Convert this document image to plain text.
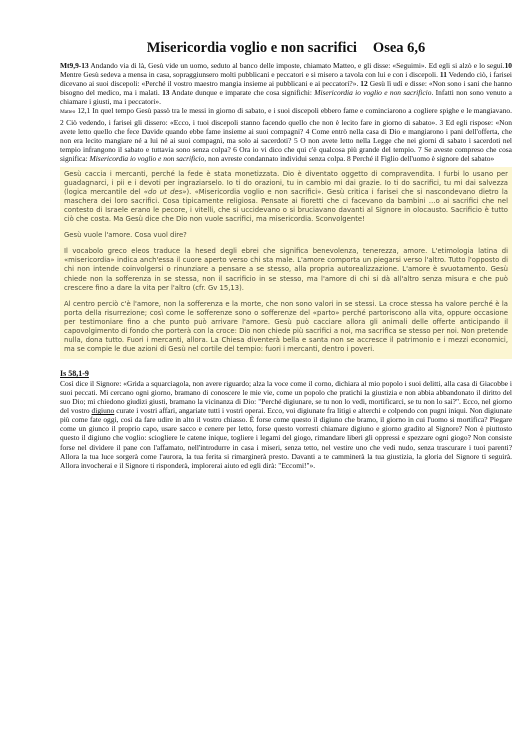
Misericordia voglio e non sacrifici Osea 6,6

Mt9,9-13 Andando via di là, Gesù vide un uomo, seduto al banco delle imposte, chiamato Matteo, e gli disse: «Seguimi». Ed egli si alzò e lo seguì.10 Mentre Gesù sedeva a mensa in casa, sopraggiunsero molti pubblicani e peccatori e si misero a tavola con lui e con i discepoli. 11 Vedendo ciò, i farisei dicevano ai suoi discepoli: «Perché il vostro maestro mangia insieme ai pubblicani e ai peccatori?». 12 Gesù lì udì e disse: «Non sono i sani che hanno bisogno del medico, ma i malati. 13 Andate dunque e imparate che cosa significhi: Misericordia io voglio e non sacrificio. Infatti non sono venuto a chiamare i giusti, ma i peccatori».

Matteo 12,1 In quel tempo Gesù passò tra le messi in giorno di sabato, e i suoi discepoli ebbero fame e cominciarono a cogliere spighe e le mangiavano. 2 Ciò vedendo, i farisei gli dissero: «Ecco, i tuoi discepoli stanno facendo quello che non è lecito fare in giorno di sabato». 3 Ed egli rispose: «Non avete letto quello che fece Davide quando ebbe fame insieme ai suoi compagni? 4 Come entrò nella casa di Dio e mangiarono i pani dell'offerta, che non era lecito mangiare né a lui né ai suoi compagni, ma solo ai sacerdoti? 5 O non avete letto nella Legge che nei giorni di sabato i sacerdoti nel tempio infrangono il sabato e tuttavia sono senza colpa? 6 Ora io vi dico che qui c'è qualcosa più grande del tempio. 7 Se aveste compreso che cosa significa: Misericordia io voglio e non sacrificio, non avreste condannato individui senza colpa. 8 Perché il Figlio dell'uomo è signore del sabato»

Gesù caccia i mercanti, perché la fede è stata monetizzata. Dio è diventato oggetto di compravendita. I furbi lo usano per guadagnarci, i pii e i devoti per ingraziarselo. Io ti do orazioni, tu in cambio mi dai grazie. Io ti do sacrifici, tu mi dai salvezza (logica mercantile del «do ut des»). «Misericordia voglio e non sacrifici». Gesù critica i farisei che si nascondevano dietro la maschera dei loro sacrifici. Cosa tipicamente religiosa. Pensate ai fioretti che ci facevano da bambini …o ai sacrifici che nel contesto di Israele erano le pecore, i vitelli, che si uccidevano o si bruciavano davanti al Signore in olocausto. Sacrificio è tutto ciò che costa. Ma Gesù dice che Dio non vuole sacrifici, ma misericordia. Sconvolgente!

Gesù vuole l'amore. Cosa vuol dire?

Il vocabolo greco eleos traduce la hesed degli ebrei che significa benevolenza, tenerezza, amore. L'etimologia latina di «misericordia» indica anch'essa il cuore aperto verso chi sta male. L'amore comporta un piegarsi verso l'altro. Tutto l'opposto di chi non intende coinvolgersi o rinunziare a pensare a se stesso, alla propria autorealizzazione. L'amore è svuotamento. Gesù chiede non la sofferenza in se stessa, non il sacrificio in se stesso, ma l'amore di chi si dà all'altro senza misura e che può crescere fino a dare la vita per l'altro (cfr. Gv 15,13).

Al centro perciò c'è l'amore, non la sofferenza e la morte, che non sono valori in se stessi. La croce stessa ha valore perché è la porta della risurrezione; così come le sofferenze sono o sofferenze del «parto» perché partoriscono alla vita, oppure occasione per testimoniare fino a che punto può arrivare l'amore. Gesù può cacciare allora gli animali delle offerte anticipando il capovolgimento di fondo che porterà con la croce: Dio non chiede più sacrifici a noi, ma sacrifica se stesso per noi. Non pretende nulla, dona tutto. Fuori i mercanti, allora. La Chiesa diventerà bella e santa non se accresce il patrimonio e i mezzi economici, ma se compie le due azioni di Gesù nel cortile del tempio: fuori i mercanti, dentro i poveri.

Is 58,1-9

Così dice il Signore: «Grida a squarciagola, non avere riguardo; alza la voce come il corno, dichiara al mio popolo i suoi delitti, alla casa di Giacobbe i suoi peccati. Mi cercano ogni giorno, bramano di conoscere le mie vie, come un popolo che pratichi la giustizia e non abbia abbandonato il diritto del suo Dio; mi chiedono giudizi giusti, bramano la vicinanza di Dio: "Perché digiunare, se tu non lo vedi, mortificarci, se tu non lo sai?". Ecco, nel giorno del vostro digiuno curate i vostri affari, angariate tutti i vostri operai. Ecco, voi digiunate fra litigi e alterchi e colpendo con pugni iniqui. Non digiunate più come fate oggi, così da fare udire in alto il vostro chiasso. È forse come questo il digiuno che bramo, il giorno in cui l'uomo si mortifica? Piegare come un giunco il proprio capo, usare sacco e cenere per letto, forse questo vorresti chiamare digiuno e giorno gradito al Signore? Non è piuttosto questo il digiuno che voglio: sciogliere le catene inique, togliere i legami del giogo, rimandare liberi gli oppressi e spezzare ogni giogo? Non consiste forse nel dividere il pane con l'affamato, nell'introdurre in casa i miseri, senza tetto, nel vestire uno che vedi nudo, senza trascurare i tuoi parenti? Allora la tua luce sorgerà come l'aurora, la tua ferita si rimarginerà presto. Davanti a te camminerà la tua giustizia, la gloria del Signore ti seguirà. Allora invocherai e il Signore ti risponderà, implorerai aiuto ed egli dirà: "Eccomi!"».
